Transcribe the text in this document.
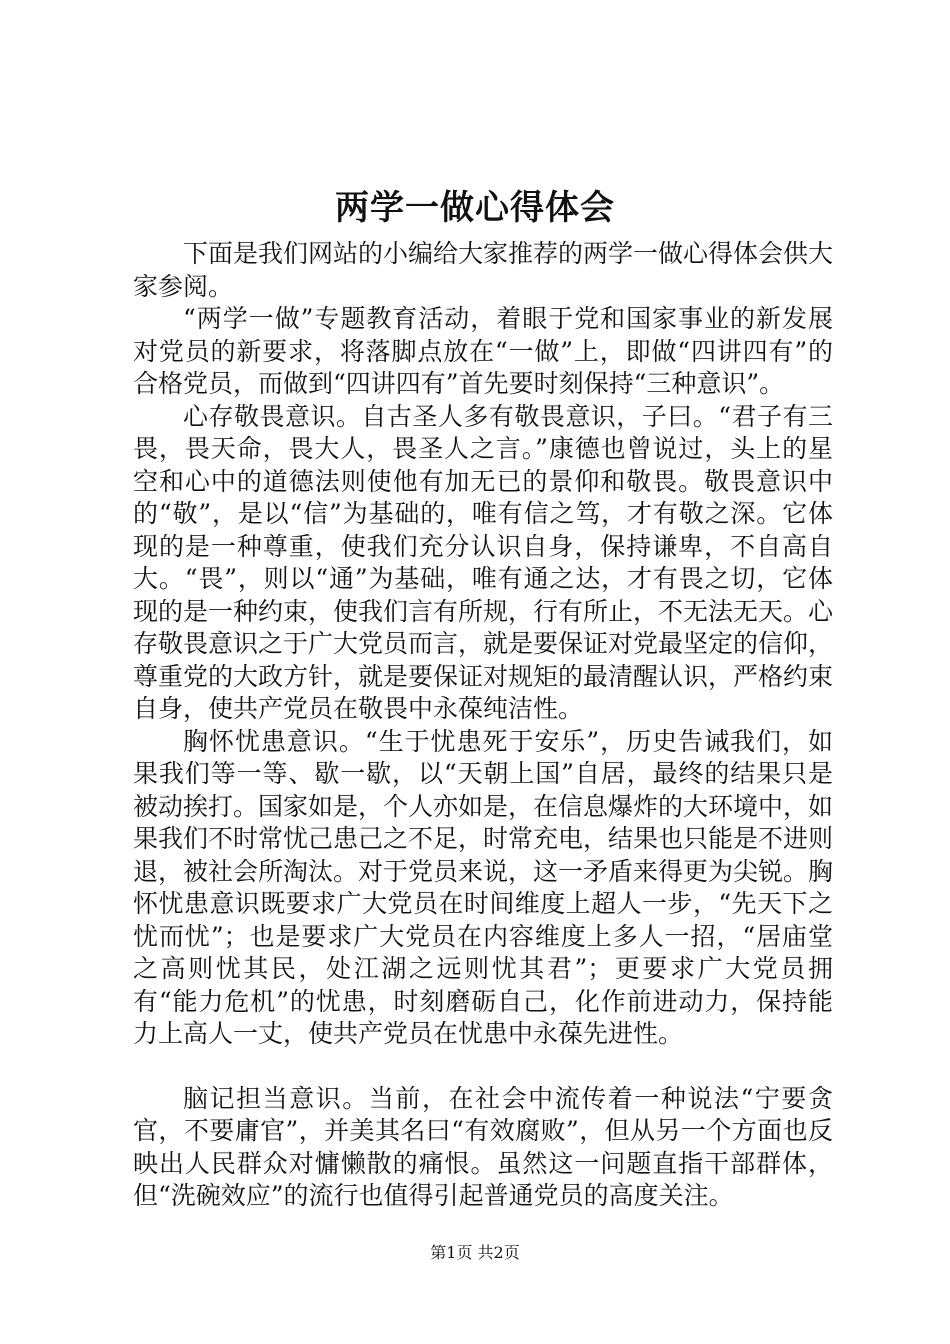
两学一做心得体会

下面是我们网站的小编给大家推荐的两学一做心得体会供大家参阅。

“两学一做”专题教育活动，着眼于党和国家事业的新发展对党员的新要求，将落脚点放在“一做”上，即做“四讲四有”的合格党员，而做到“四讲四有”首先要时刻保持“三种意识”。

心存敬畏意识。自古圣人多有敬畏意识，子曰。“君子有三畏，畏天命，畏大人，畏圣人之言。”康德也曾说过，头上的星空和心中的道德法则使他有加无已的景仰和敬畏。敬畏意识中的“敬”，是以“信”为基础的，唯有信之笃，才有敬之深。它体现的是一种尊重，使我们充分认识自身，保持谦卑，不自高自大。“畏”，则以“通”为基础，唯有通之达，才有畏之切，它体现的是一种约束，使我们言有所规，行有所止，不无法无天。心存敬畏意识之于广大党员而言，就是要保证对党最坚定的信仰，尊重党的大政方针，就是要保证对规矩的最清醒认识，严格约束自身，使共产党员在敬畏中永葆纯洁性。

胸怀忧患意识。“生于忧患死于安乐”，历史告诫我们，如果我们等一等、歇一歇，以“天朝上国”自居，最终的结果只是被动挨打。国家如是，个人亦如是，在信息爆炸的大环境中，如果我们不时常忧己患己之不足，时常充电，结果也只能是不进则退，被社会所淘汰。对于党员来说，这一矛盾来得更为尖锐。胸怀忧患意识既要求广大党员在时间维度上超人一步，“先天下之忧而忧”；也是要求广大党员在内容维度上多人一招，“居庙堂之高则忧其民，处江湖之远则忧其君”；更要求广大党员拥有“能力危机”的忧患，时刻磨砺自己，化作前进动力，保持能力上高人一丈，使共产党员在忧患中永葆先进性。

脑记担当意识。当前，在社会中流传着一种说法“宁要贪官，不要庸官”，并美其名曰“有效腐败”，但从另一个方面也反映出人民群众对慵懒散的痛恨。虽然这一问题直指干部群体，但“洗碗效应”的流行也值得引起普通党员的高度关注。

第1页 共2页
